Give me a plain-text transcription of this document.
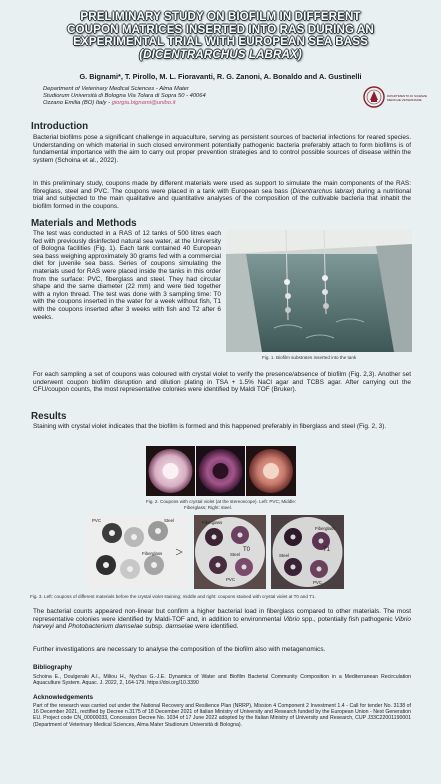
PRELIMINARY STUDY ON BIOFILM IN DIFFERENT
COUPON MATRICES INSERTED INTO RAS DURING AN
EXPERIMENTAL TRIAL WITH EUROPEAN SEA BASS
(DICENTRARCHUS LABRAX)
G. Bignami*, T. Pirollo, M. L. Fioravanti, R. G. Zanoni, A. Bonaldo and A. Gustinelli
Department of Veterinary Medical Sciences - Alma Mater
Studiorum Università di Bologna Via Tolara di Sopra 50 - 40064
Ozzano Emilia (BO) Italy - giorgia.bignami@unibo.it
DIPARTIMENTO DI SCIENZE MEDICHE VETERINARIE
Introduction

Bacterial biofilms pose a significant challenge in aquaculture, serving as persistent sources of bacterial infections for reared species. Understanding on which material in such closed environment potentially pathogenic bacteria preferably attach to form biofilms is of fundamental importance with the aim to carry out proper prevention strategies and to control possible sources of disease within the system (Schoina et al., 2022).

In this preliminary study, coupons made by different materials were used as support to simulate the main components of the RAS: fibreglass, steel and PVC. The coupons were placed in a tank with European sea bass (Dicentrarchus labrax) during a nutritional trial and subjected to the main qualitative and quantitative analyses of the composition of the cultivable bacteria that inhabit the biofilm formed in the coupons.

Materials and Methods

The test was conducted in a RAS of 12 tanks of 500 litres each fed with previously disinfected natural sea water, at the University of Bologna facilities (Fig. 1). Each tank contained 40 European sea bass weighing approximately 30 grams fed with a commercial diet for juvenile sea bass. Series of coupons simulating the materials used for RAS were placed inside the tanks in this order from the surface: PVC, fiberglass and steel. They had circular shape and the same diameter (22 mm) and were tied together with a nylon thread. The test was done with 3 sampling time: T0 with the coupons inserted in the water for a week without fish, T1 with the coupons inserted after 3 weeks with fish and T2 after 6 weeks.

Fig. 1. Biofilm substrates inserted into the tank

For each sampling a set of coupons was coloured with crystal violet to verify the presence/absence of biofilm (Fig. 2,3). Another set underwent coupon biofilm disruption and dilution plating in TSA + 1.5% NaCl agar and TCBS agar. After carrying out the CFU/coupon counts, the most representative colonies were identified by Maldi TOF (Bruker).

Results

Staining with crystal violet indicates that the biofilm is formed and this happened preferably in fiberglass and steel (Fig. 2, 3).

Fig. 2. Coupons with crystal violet (at the stereoscope). Left: PVC; Middle:
Fiberglass; Right: steel.
PVC	Steel
Fiberglass
Fiberglass
T0
Steel
PVC
Fiberglass
T1
Steel
PVC
Fig. 3. Left: coupons of different materials before the crystal violet staining; middle and right: coupons stained with crystal violet at T0 and T1.

The bacterial counts appeared non-linear but confirm a higher bacterial load in fiberglass compared to other materials. The most representative colonies were identified by Maldi-TOF and, in addition to environmental Vibrio spp., potentially fish pathogenic Vibrio harveyi and Photobacterium damselae subsp. damselae were identified.

Further investigations are necessary to analyse the composition of the biofilm also with metagenomics.

Bibliography

Schoina E., Doulgeraki A.I., Miliou H., Nychas G.-J.E. Dynamics of Water and Biofilm Bacterial Community Composition in a Mediterranean Recirculation Aquaculture System. Aquac. J. 2022, 2, 164-179. https://doi.org/10.3390

Acknowledgements

Part of the research was carried out under the National Recovery and Resilience Plan (NRRP), Mission 4 Component 2 Investment 1.4 - Call for tender No. 3138 of 16 December 2021, rectified by Decree n.3175 of 18 December 2021 of Italian Ministry of University and Research funded by the European Union - Next Generation EU. Project code CN_00000033, Concession Decree No. 1034 of 17 June 2022 adopted by the Italian Ministry of University and Research, CUP J33C22001190001 (Department of Veterinary Medical Sciences, Alma Mater Studiorum Università di Bologna).
